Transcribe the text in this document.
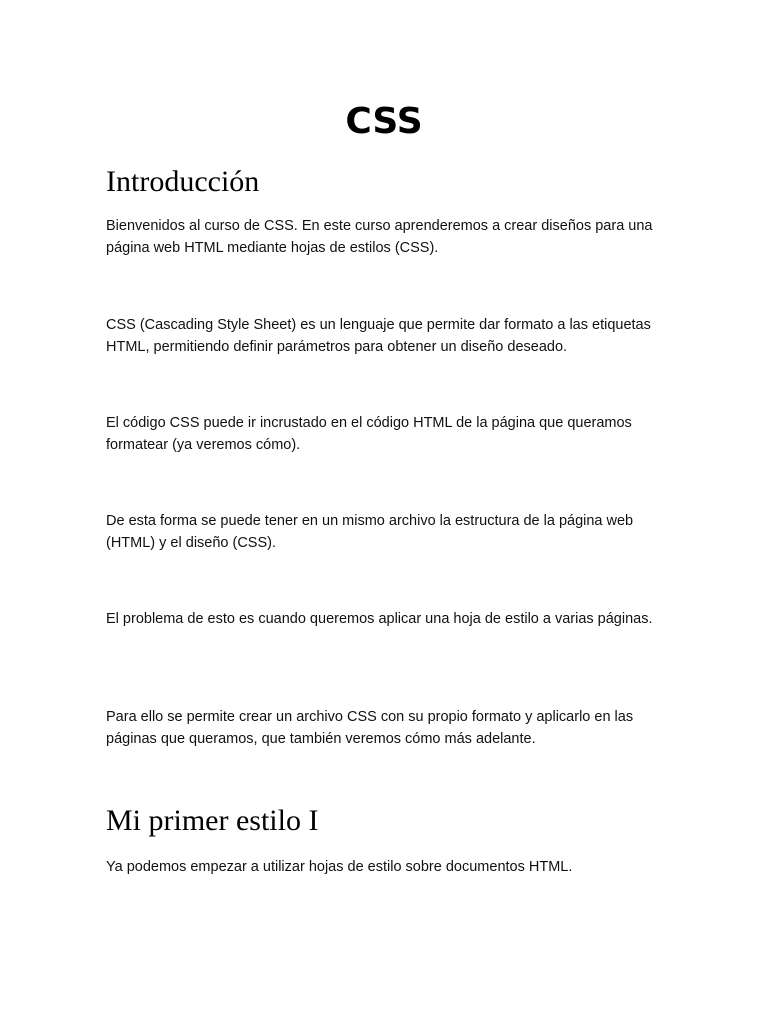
CSS
Introducción

Bienvenidos al curso de CSS. En este curso aprenderemos a crear diseños para una página web HTML mediante hojas de estilos (CSS).

CSS (Cascading Style Sheet) es un lenguaje que permite dar formato a las etiquetas HTML, permitiendo definir parámetros para obtener un diseño deseado.

El código CSS puede ir incrustado en el código HTML de la página que queramos formatear (ya veremos cómo).

De esta forma se puede tener en un mismo archivo la estructura de la página web (HTML) y el diseño (CSS).

El problema de esto es cuando queremos aplicar una hoja de estilo a varias páginas.

Para ello se permite crear un archivo CSS con su propio formato y aplicarlo en las páginas que queramos, que también veremos cómo más adelante.

Mi primer estilo I

Ya podemos empezar a utilizar hojas de estilo sobre documentos HTML.
